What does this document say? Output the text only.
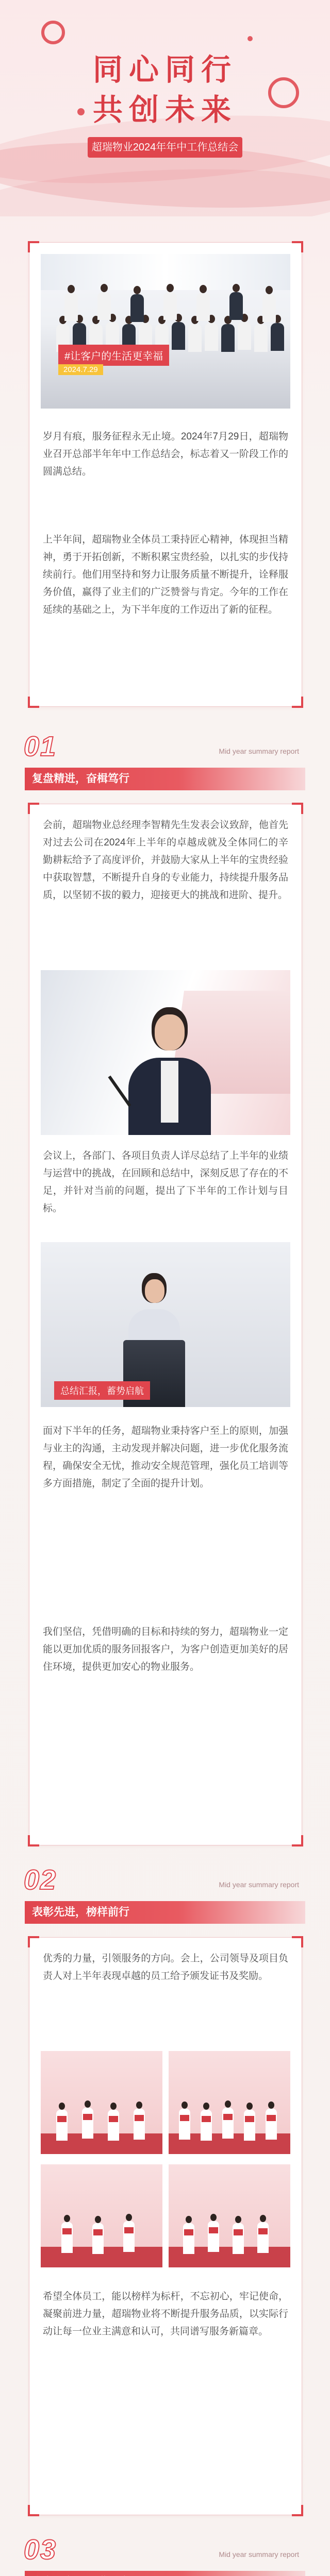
同心同行
共创未来
超瑞物业2024年年中工作总结会
#让客户的生活更幸福
2024.7.29

岁月有痕，服务征程永无止境。2024年7月29日，超瑞物业召开总部半年年中工作总结会，标志着又一阶段工作的圆满总结。

上半年间，超瑞物业全体员工秉持匠心精神，体现担当精神，勇于开拓创新，不断积累宝贵经验，以扎实的步伐持续前行。他们用坚持和努力让服务质量不断提升，诠释服务价值，赢得了业主们的广泛赞誉与肯定。今年的工作在延续的基础之上，为下半年度的工作迈出了新的征程。

01	Mid year summary report
复盘精进，奋楫笃行

会前，超瑞物业总经理李智精先生发表会议致辞，他首先对过去公司在2024年上半年的卓越成就及全体同仁的辛勤耕耘给予了高度评价，并鼓励大家从上半年的宝贵经验中获取智慧，不断提升自身的专业能力，持续提升服务品质，以坚韧不拔的毅力，迎接更大的挑战和进阶、提升。

会议上，各部门、各项目负责人详尽总结了上半年的业绩与运营中的挑战，在回顾和总结中，深刻反思了存在的不足，并针对当前的问题，提出了下半年的工作计划与目标。

总结汇报，蓄势启航

面对下半年的任务，超瑞物业秉持客户至上的原则，加强与业主的沟通，主动发现并解决问题，进一步优化服务流程，确保安全无忧，推动安全规范管理，强化员工培训等多方面措施，制定了全面的提升计划。

我们坚信，凭借明确的目标和持续的努力，超瑞物业一定能以更加优质的服务回报客户，为客户创造更加美好的居住环境，提供更加安心的物业服务。

02	Mid year summary report
表彰先进，榜样前行

优秀的力量，引领服务的方向。会上，公司领导及项目负责人对上半年表现卓越的员工给予颁发证书及奖励。

希望全体员工，能以榜样为标杆，不忘初心，牢记使命，凝聚前进力量，超瑞物业将不断提升服务品质，以实际行动让每一位业主满意和认可，共同谱写服务新篇章。

03	Mid year summary report
